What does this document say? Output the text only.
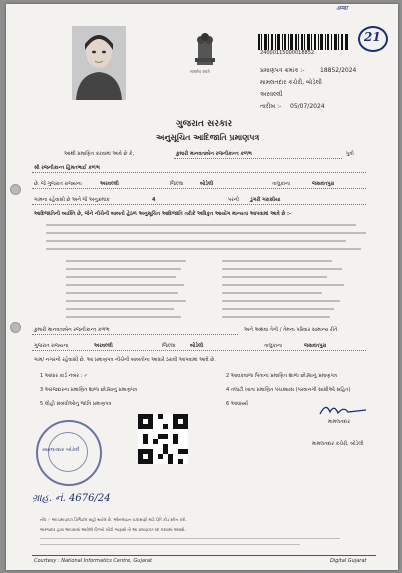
अम्बा
21
सत्यमेव जयते
24000115000018852
પ્રમાણપત્ર ક્રમાંક :-	18852/2024
મામલતદાર કચેરી, બોડેલી
અરવલ્લી
તારીખ :- 05/07/2024
ગુજરાત સરકાર
અનુસૂચિત આદિજાતિ પ્રમાણપત્ર
આથી પ્રમાણિત કરવામાં આવે છે કે,	કુમારી માનવતાબેન રજનીકાન્ત કળભ	પુત્રી
શ્રી રજનીકાન્ત હિંમતભાઈ કળભ
છે. જે ગુજરાત રાજ્યના	અરવલ્લી	જિલ્લા	બોડેલી	તાલુકાના	જસવંતપુરા
ગામના રહેવાસી છે અને જે અનુક્રમાંક	4	પરની ડુંગરી ગરાસીયા
આદિજાતિની વ્યક્તિ છે, જેને નીચેની બાબતો હેઠળ અનુસૂચિત આદિજાતિ તરીકે અધિકૃત આયોગ માન્યતા આપવામાં આવે છે :-
કુમારી માનવતાબેન રજનીકાન્ત કળભ	અને અથવા તેની / તેમના પરિવાર સામાન્ય રીતે
ગુજરાત રાજ્યના	અરવલ્લી	જિલ્લા	બોડેલી	તાલુકાના	જસવંતપુરા
ગામ/ નગરનો રહેવાસી છે. આ પ્રમાણપત્ર નીચેની બાબતોના આધારે ઠરાવી આપવામાં આવે છે.
1 આધાર કાર્ડ નંબર : ✓	2 આવકવાળા પિતાના પ્રમાણિત શાળા છોડ્યાનું પ્રમાણપત્ર
3 અરજદારના પ્રમાણિત શાળા છોડ્યાનું પ્રમાણપત્ર	4 તલાટી ખાતા પ્રમાણિત પંચક્યાસ (પરવાનગી સાક્ષીઓ સહિત)
5 લોહી સંબંધીઓનું જાતિ પ્રમાણપત્ર	6 આધાર્ય્ય
મામલતદાર બોડેલી
મામલતદાર
મામલતદાર કચેરી, બોડેલી
ગ્રાહ. નં. 4676/24
નોંધ :- આ પ્રમાણપત્ર ડિજિટલ સહી થયેલ છે. ઓનલાઇન ચકાસણી માટે QR કોડ સ્કેન કરો.
અરજદાર દ્વારા આપવામાં આવેલી વિગતો ખોટી જણાશે તો આ પ્રમાણપત્ર રદ કરવામાં આવશે.
Courtesy : National Informatics Centre, Gujarat	Digital Gujarat
